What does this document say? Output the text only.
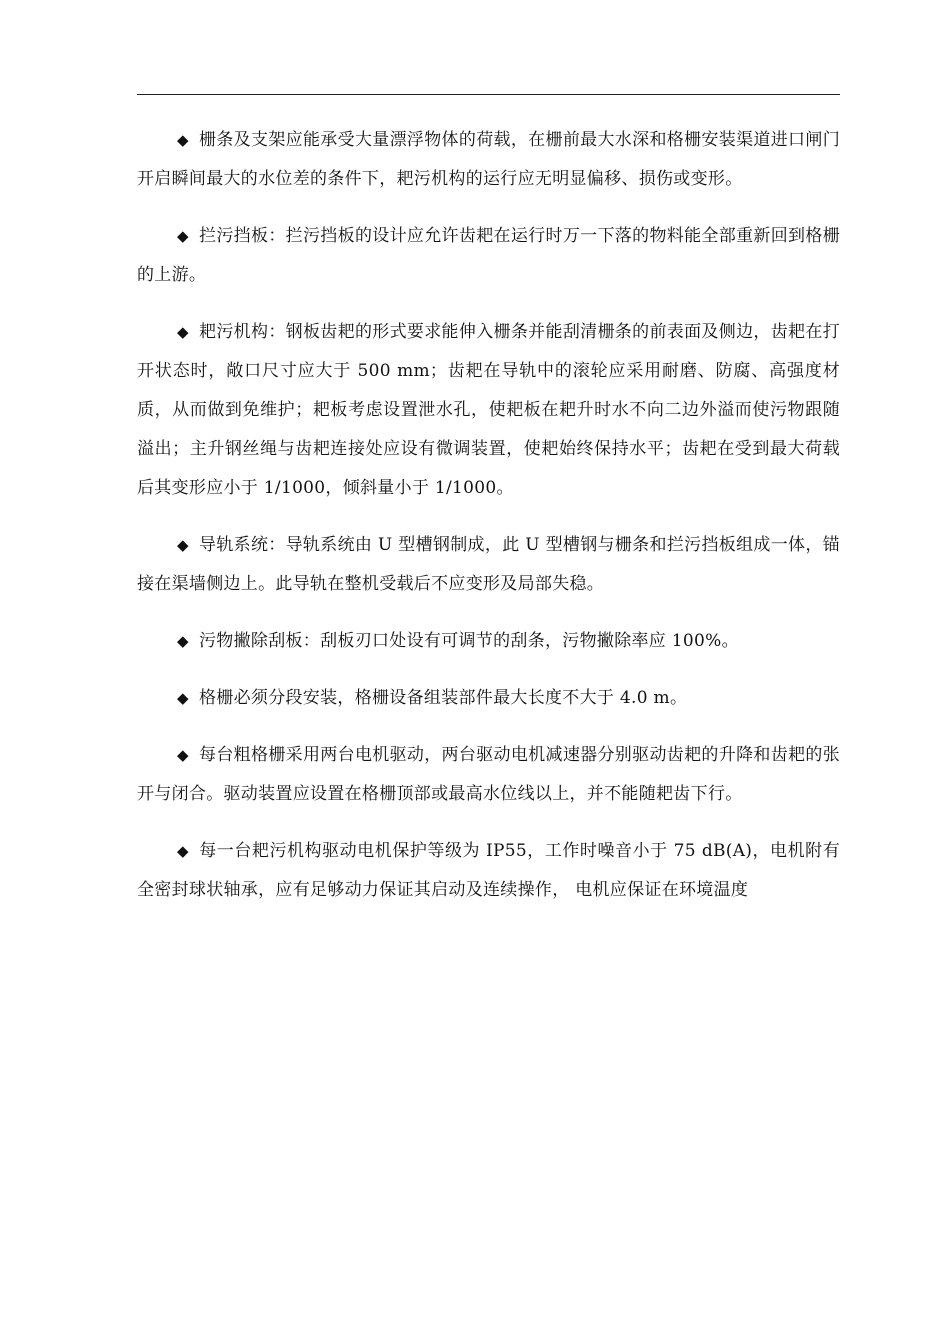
◆ 栅条及支架应能承受大量漂浮物体的荷载，在栅前最大水深和格栅安装渠道进口闸门开启瞬间最大的水位差的条件下，耙污机构的运行应无明显偏移、损伤或变形。

◆ 拦污挡板：拦污挡板的设计应允许齿耙在运行时万一下落的物料能全部重新回到格栅的上游。

◆ 耙污机构：钢板齿耙的形式要求能伸入栅条并能刮清栅条的前表面及侧边，齿耙在打开状态时，敞口尺寸应大于 500 mm；齿耙在导轨中的滚轮应采用耐磨、防腐、高强度材质，从而做到免维护；耙板考虑设置泄水孔，使耙板在耙升时水不向二边外溢而使污物跟随溢出；主升钢丝绳与齿耙连接处应设有微调装置，使耙始终保持水平；齿耙在受到最大荷载后其变形应小于 1/1000，倾斜量小于 1/1000。

◆ 导轨系统：导轨系统由 U 型槽钢制成，此 U 型槽钢与栅条和拦污挡板组成一体，锚接在渠墙侧边上。此导轨在整机受载后不应变形及局部失稳。

◆ 污物撇除刮板：刮板刃口处设有可调节的刮条，污物撇除率应 100%。

◆ 格栅必须分段安装，格栅设备组装部件最大长度不大于 4.0 m。

◆ 每台粗格栅采用两台电机驱动，两台驱动电机减速器分别驱动齿耙的升降和齿耙的张开与闭合。驱动装置应设置在格栅顶部或最高水位线以上，并不能随耙齿下行。

◆ 每一台耙污机构驱动电机保护等级为 IP55，工作时噪音小于 75 dB(A)，电机附有全密封球状轴承，应有足够动力保证其启动及连续操作， 电机应保证在环境温度
